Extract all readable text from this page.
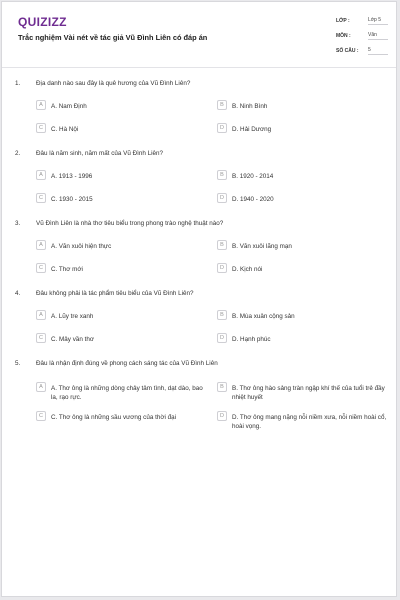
QUIZIZZ
Trắc nghiệm Vài nét về tác giả Vũ Đình Liên có đáp án
LỚP :	Lớp 5
MÔN :	Văn
SỐ CÂU : 5
1. Địa danh nào sau đây là quê hương của Vũ Đình Liên?
A	A. Nam Định	B	B. Ninh Bình
C	C. Hà Nội	D	D. Hải Dương
2. Đâu là năm sinh, năm mất của Vũ Đình Liên?
A	A. 1913 - 1996	B	B. 1920 - 2014
C	C. 1930 - 2015	D	D. 1940 - 2020
3. Vũ Đình Liên là nhà thơ tiêu biểu trong phong trào nghệ thuật nào?
A	A. Văn xuôi hiện thực	B	B. Văn xuôi lãng mạn
C	C. Thơ mới	D	D. Kịch nói
4. Đâu không phải là tác phẩm tiêu biểu của Vũ Đình Liên?
A	A. Lũy tre xanh	B	B. Mùa xuân cộng sản
C	C. Mây vần thơ	D	D. Hạnh phúc
5. Đâu là nhận định đúng về phong cách sáng tác của Vũ Đình Liên
A	A. Thơ ông là những dòng chảy tâm tình, dạt dào, bao la, rạo rực.
B	B. Thơ ông hào sảng tràn ngập khí thế của tuổi trẻ đầy nhiệt huyết
C	C. Thơ ông là những sầu vương của thời đại	D	D. Thơ ông mang nặng nỗi niềm xưa, nỗi niềm hoài cổ, hoài vọng.
